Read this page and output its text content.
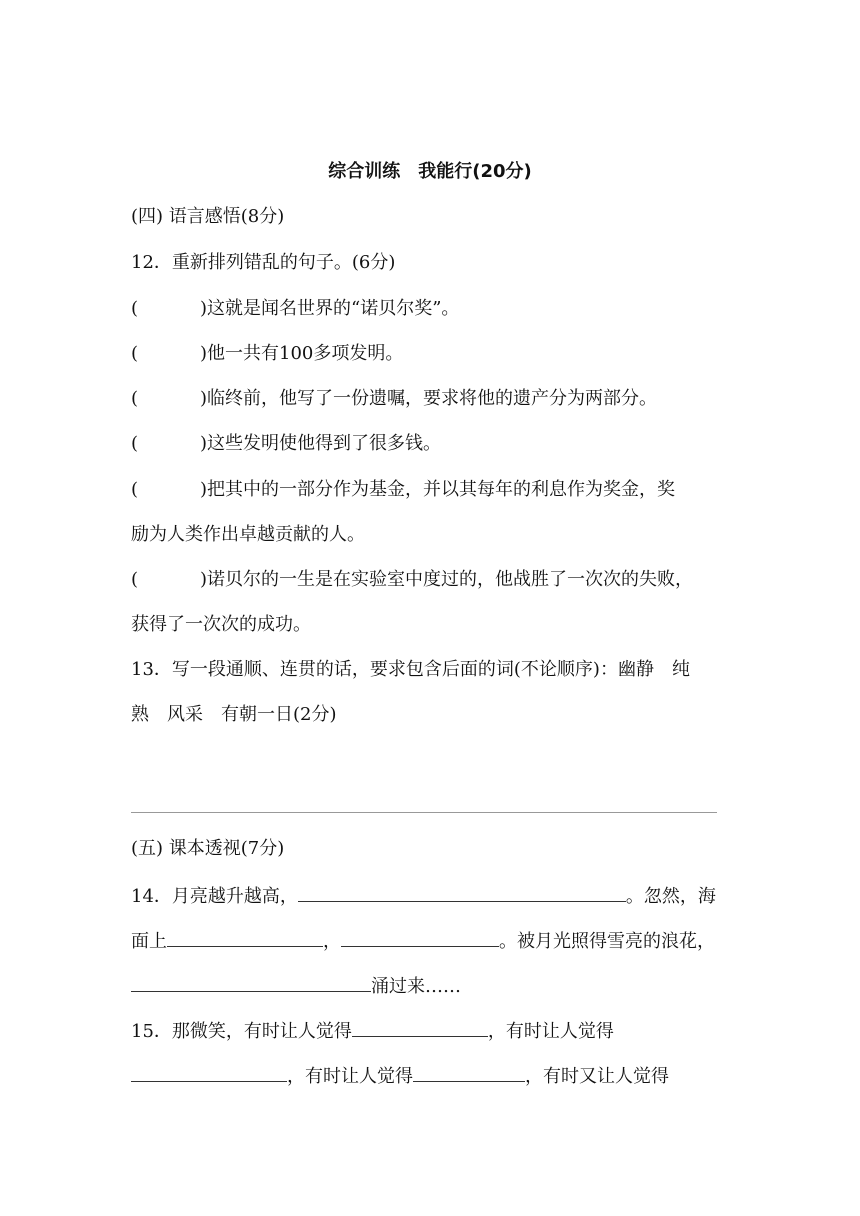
综合训练　我能行(20分)
(四) 语言感悟(8分)
12．重新排列错乱的句子。(6分)
(	) 这就是闻名世界的“诺贝尔奖”。
(	) 他一共有100多项发明。
(	) 临终前，他写了一份遗嘱，要求将他的遗产分为两部分。
(	) 这些发明使他得到了很多钱。
(	) 把其中的一部分作为基金，并以其每年的利息作为奖金，奖
励为人类作出卓越贡献的人。
(	) 诺贝尔的一生是在实验室中度过的，他战胜了一次次的失败，
获得了一次次的成功。
13．写一段通顺、连贯的话，要求包含后面的词(不论顺序)：幽静　纯
熟　风采　有朝一日(2分)
(五) 课本透视(7分)
14．月亮越升越高，	。忽然，海
面上	，	。被月光照得雪亮的浪花，
涌过来……
15．那微笑，有时让人觉得	，有时让人觉得
，有时让人觉得	，有时又让人觉得
